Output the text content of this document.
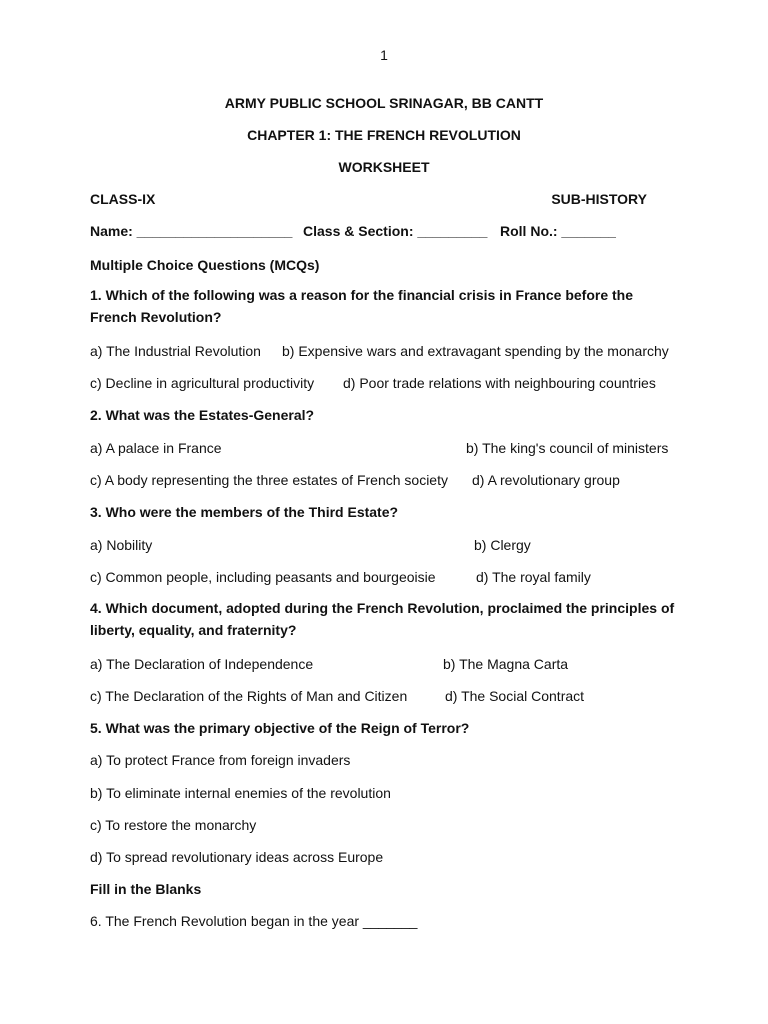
1
ARMY PUBLIC SCHOOL SRINAGAR, BB CANTT
CHAPTER 1: THE FRENCH REVOLUTION
WORKSHEET
CLASS-IX	SUB-HISTORY
Name: ____________________ Class & Section: _________ Roll No.: _______
Multiple Choice Questions (MCQs)
1. Which of the following was a reason for the financial crisis in France before the French Revolution?
a) The Industrial Revolution b) Expensive wars and extravagant spending by the monarchy
c) Decline in agricultural productivity d) Poor trade relations with neighbouring countries
2. What was the Estates-General?
a) A palace in France	b) The king's council of ministers
c) A body representing the three estates of French society d) A revolutionary group
3. Who were the members of the Third Estate?
a) Nobility	b) Clergy
c) Common people, including peasants and bourgeoisie	d) The royal family
4. Which document, adopted during the French Revolution, proclaimed the principles of liberty, equality, and fraternity?
a) The Declaration of Independence	b) The Magna Carta
c) The Declaration of the Rights of Man and Citizen	d) The Social Contract
5. What was the primary objective of the Reign of Terror?
a) To protect France from foreign invaders
b) To eliminate internal enemies of the revolution
c) To restore the monarchy
d) To spread revolutionary ideas across Europe
Fill in the Blanks
6. The French Revolution began in the year _______
